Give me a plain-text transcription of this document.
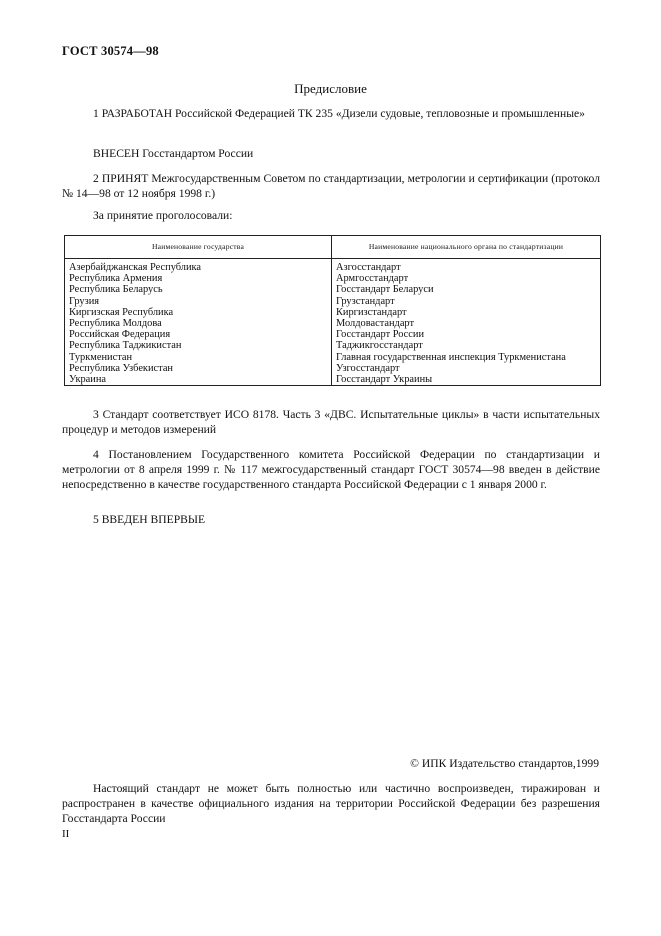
ГОСТ 30574—98
Предисловие
1 РАЗРАБОТАН Российской Федерацией ТК 235 «Дизели судовые, тепловозные и промышленные»
ВНЕСЕН Госстандартом России
2 ПРИНЯТ Межгосударственным Советом по стандартизации, метрологии и сертификации (протокол № 14—98 от 12 ноября 1998 г.)
За принятие проголосовали:
Наименование государства	Наименование национального органа по стандартизации
Азербайджанская Республика	Азгосстандарт
Республика Армения	Армгосстандарт
Республика Беларусь	Госстандарт Беларуси
Грузия	Грузстандарт
Киргизская Республика	Киргизстандарт
Республика Молдова	Молдовастандарт
Российская Федерация	Госстандарт России
Республика Таджикистан	Таджикгосстандарт
Туркменистан	Главная государственная инспекция Туркменистана
Республика Узбекистан	Узгосстандарт
Украина	Госстандарт Украины
3 Стандарт соответствует ИСО 8178. Часть 3 «ДВС. Испытательные циклы» в части испытательных процедур и методов измерений
4 Постановлением Государственного комитета Российской Федерации по стандартизации и метрологии от 8 апреля 1999 г. № 117 межгосударственный стандарт ГОСТ 30574—98 введен в действие непосредственно в качестве государственного стандарта Российской Федерации с 1 января 2000 г.
5 ВВЕДЕН ВПЕРВЫЕ
© ИПК Издательство стандартов,1999
Настоящий стандарт не может быть полностью или частично воспроизведен, тиражирован и распространен в качестве официального издания на территории Российской Федерации без разрешения Госстандарта России
II
